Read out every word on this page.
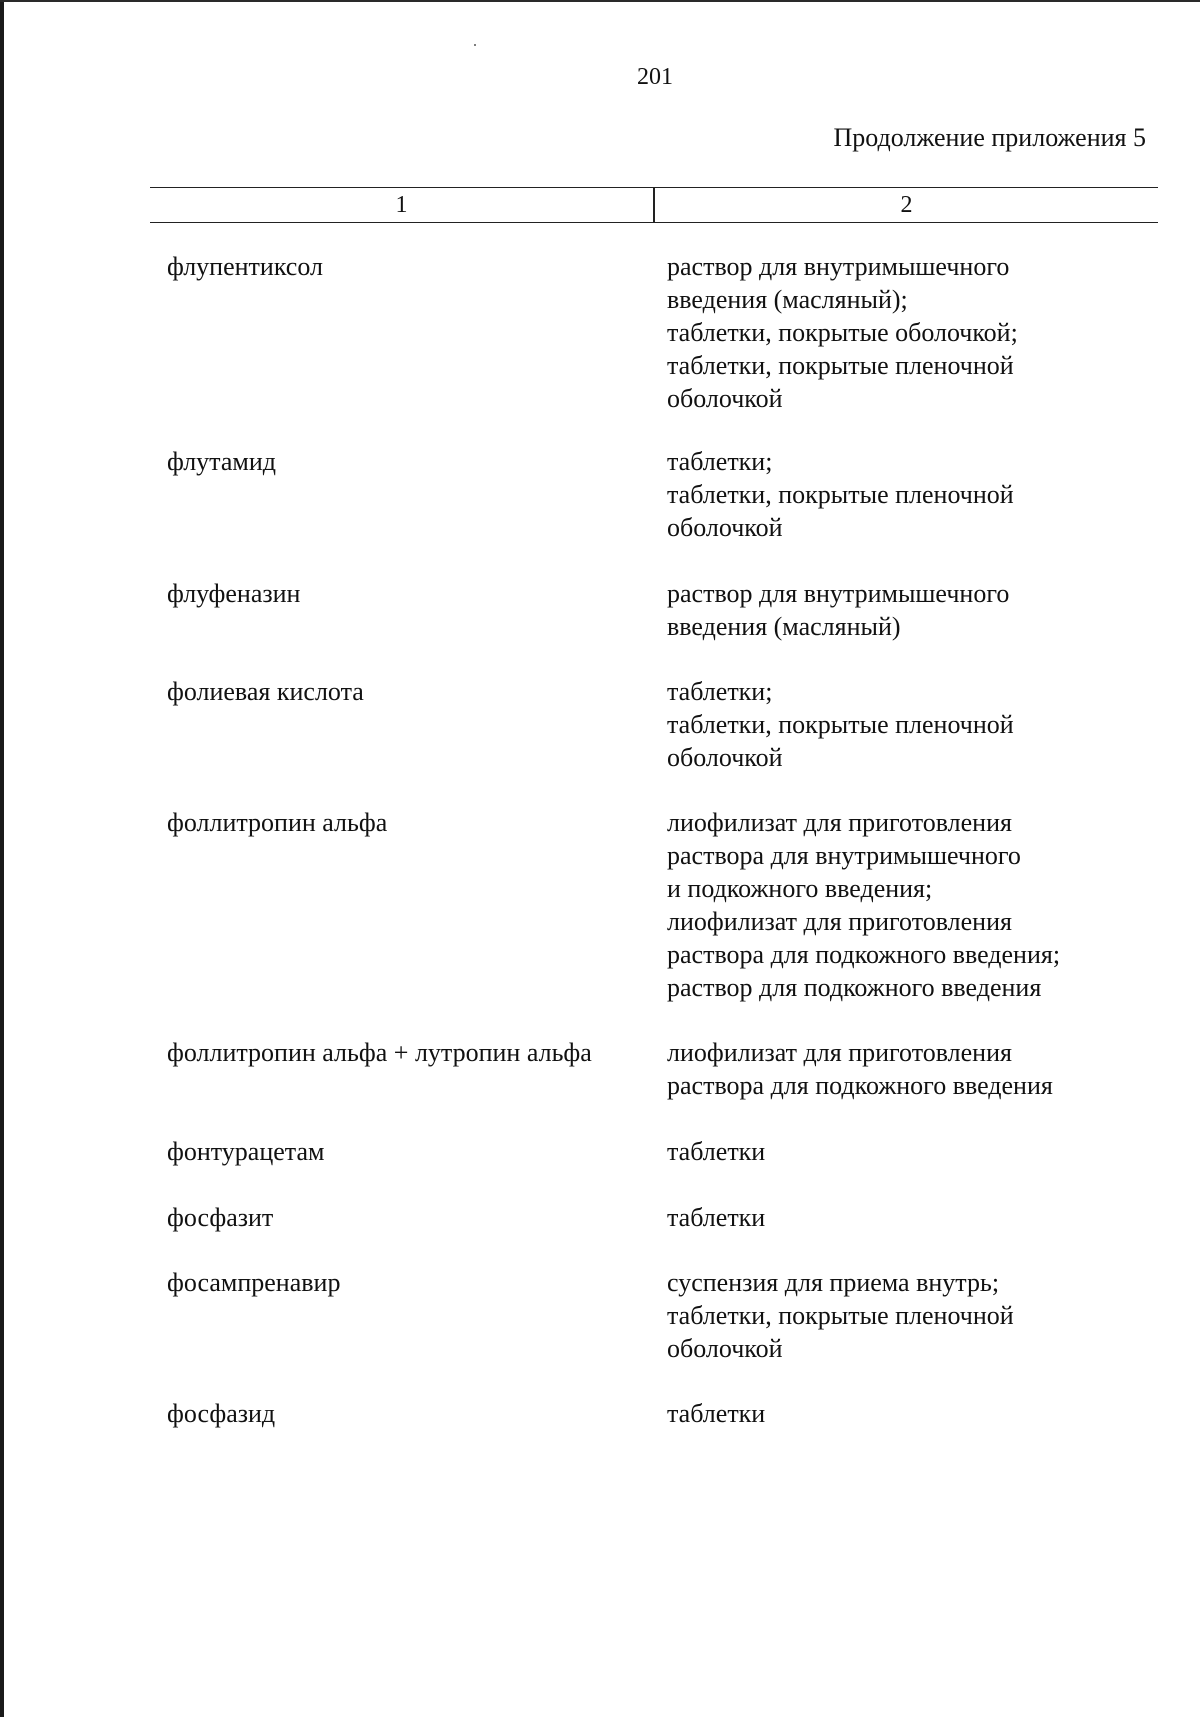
201
Продолжение приложения 5
1	2
флупентиксол	раствор для внутримышечного
введения (масляный);
таблетки, покрытые оболочкой;
таблетки, покрытые пленочной
оболочкой
флутамид	таблетки;
таблетки, покрытые пленочной
оболочкой
флуфеназин	раствор для внутримышечного
введения (масляный)
фолиевая кислота	таблетки;
таблетки, покрытые пленочной
оболочкой
фоллитропин альфа	лиофилизат для приготовления
раствора для внутримышечного
и подкожного введения;
лиофилизат для приготовления
раствора для подкожного введения;
раствор для подкожного введения
фоллитропин альфа + лутропин альфа	лиофилизат для приготовления
раствора для подкожного введения
фонтурацетам	таблетки
фосфазит	таблетки
фосампренавир	суспензия для приема внутрь;
таблетки, покрытые пленочной
оболочкой
фосфазид	таблетки
